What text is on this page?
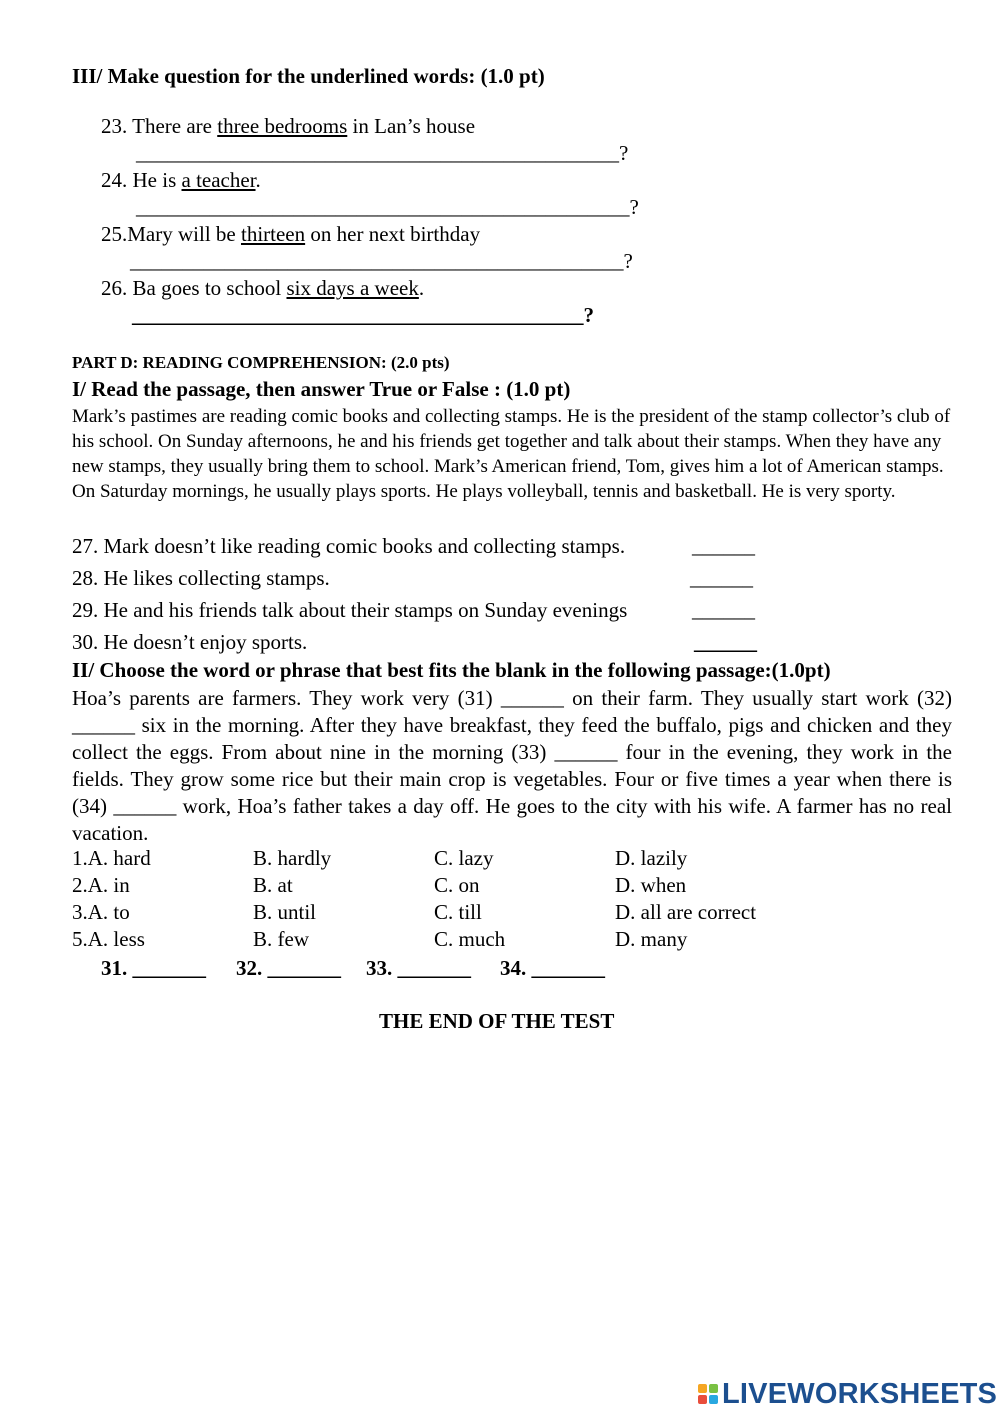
III/ Make question for the underlined words: (1.0 pt)
23. There are three bedrooms in Lan’s house
______________________________________________?
24. He is a teacher.
_______________________________________________?
25.Mary will be thirteen on her next birthday
_______________________________________________?
26. Ba goes to school six days a week.
___________________________________________?
PART D: READING COMPREHENSION: (2.0 pts)
I/ Read the passage, then answer True or False : (1.0 pt)
Mark’s pastimes are reading comic books and collecting stamps. He is the president of the stamp collector’s club of his school. On Sunday afternoons, he and his friends get together and talk about their stamps. When they have any new stamps, they usually bring them to school. Mark’s American friend, Tom, gives him a lot of American stamps. On Saturday mornings, he usually plays sports. He plays volleyball, tennis and basketball. He is very sporty.
27. Mark doesn’t like reading comic books and collecting stamps.	______
28. He likes collecting stamps.	______
29. He and his friends talk about their stamps on Sunday evenings	______
30. He doesn’t enjoy sports.	______
II/ Choose the word or phrase that best fits the blank in the following passage:(1.0pt)
Hoa’s parents are farmers. They work very (31) ______ on their farm. They usually start work (32) ______ six in the morning. After they have breakfast, they feed the buffalo, pigs and chicken and they collect the eggs. From about nine in the morning (33) ______ four in the evening, they work in the fields. They grow some rice but their main crop is vegetables. Four or five times a year when there is (34) ______ work, Hoa’s father takes a day off. He goes to the city with his wife. A farmer has no real vacation.
1.A. hard	B. hardly	C. lazy	D. lazily
2.A. in	B. at	C. on	D. when
3.A. to	B. until	C. till	D. all are correct
5.A. less	B. few	C. much	D. many
31. _______ 32. _______ 33. _______ 34. _______
THE END OF THE TEST
LIVEWORKSHEETS
